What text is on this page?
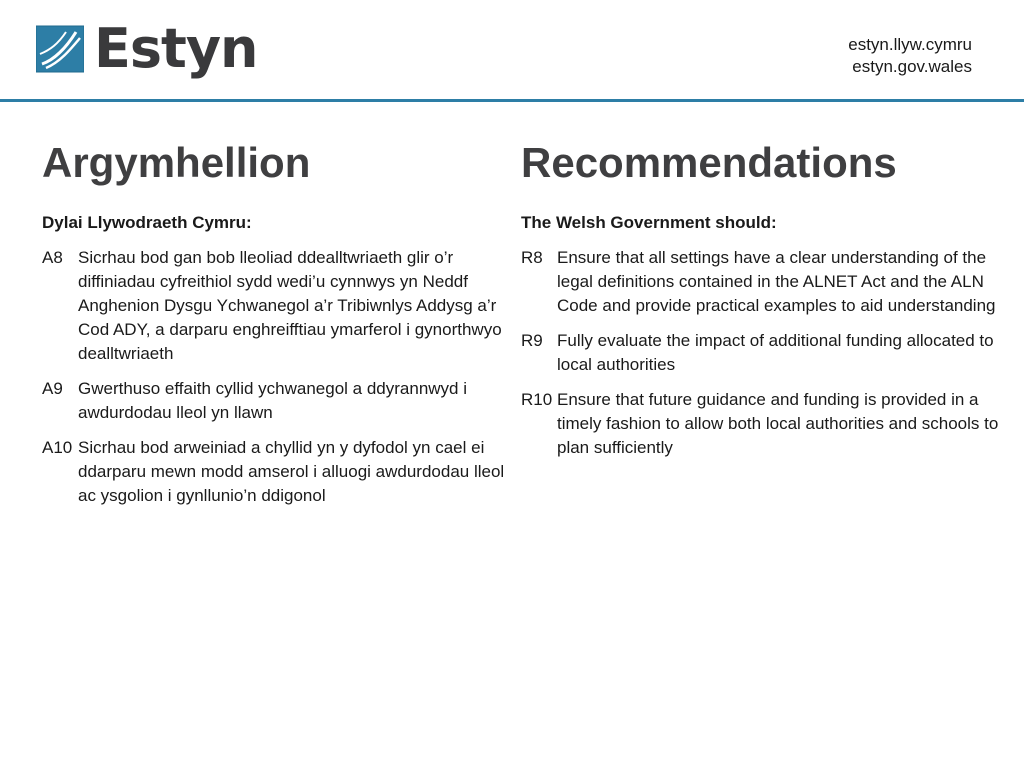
Estyn	estyn.llyw.cymru
estyn.gov.wales
Argymhellion
Dylai Llywodraeth Cymru:
A8 Sicrhau bod gan bob lleoliad ddealltwriaeth glir o’r diffiniadau cyfreithiol sydd wedi’u cynnwys yn Neddf Anghenion Dysgu Ychwanegol a’r Tribiwnlys Addysg a’r Cod ADY, a darparu enghreifftiau ymarferol i gynorthwyo dealltwriaeth
A9 Gwerthuso effaith cyllid ychwanegol a ddyrannwyd i awdurdodau lleol yn llawn
A10 Sicrhau bod arweiniad a chyllid yn y dyfodol yn cael ei ddarparu mewn modd amserol i alluogi awdurdodau lleol ac ysgolion i gynllunio’n ddigonol
Recommendations
The Welsh Government should:
R8 Ensure that all settings have a clear understanding of the legal definitions contained in the ALNET Act and the ALN Code and provide practical examples to aid understanding
R9 Fully evaluate the impact of additional funding allocated to local authorities
R10 Ensure that future guidance and funding is provided in a timely fashion to allow both local authorities and schools to plan sufficiently
